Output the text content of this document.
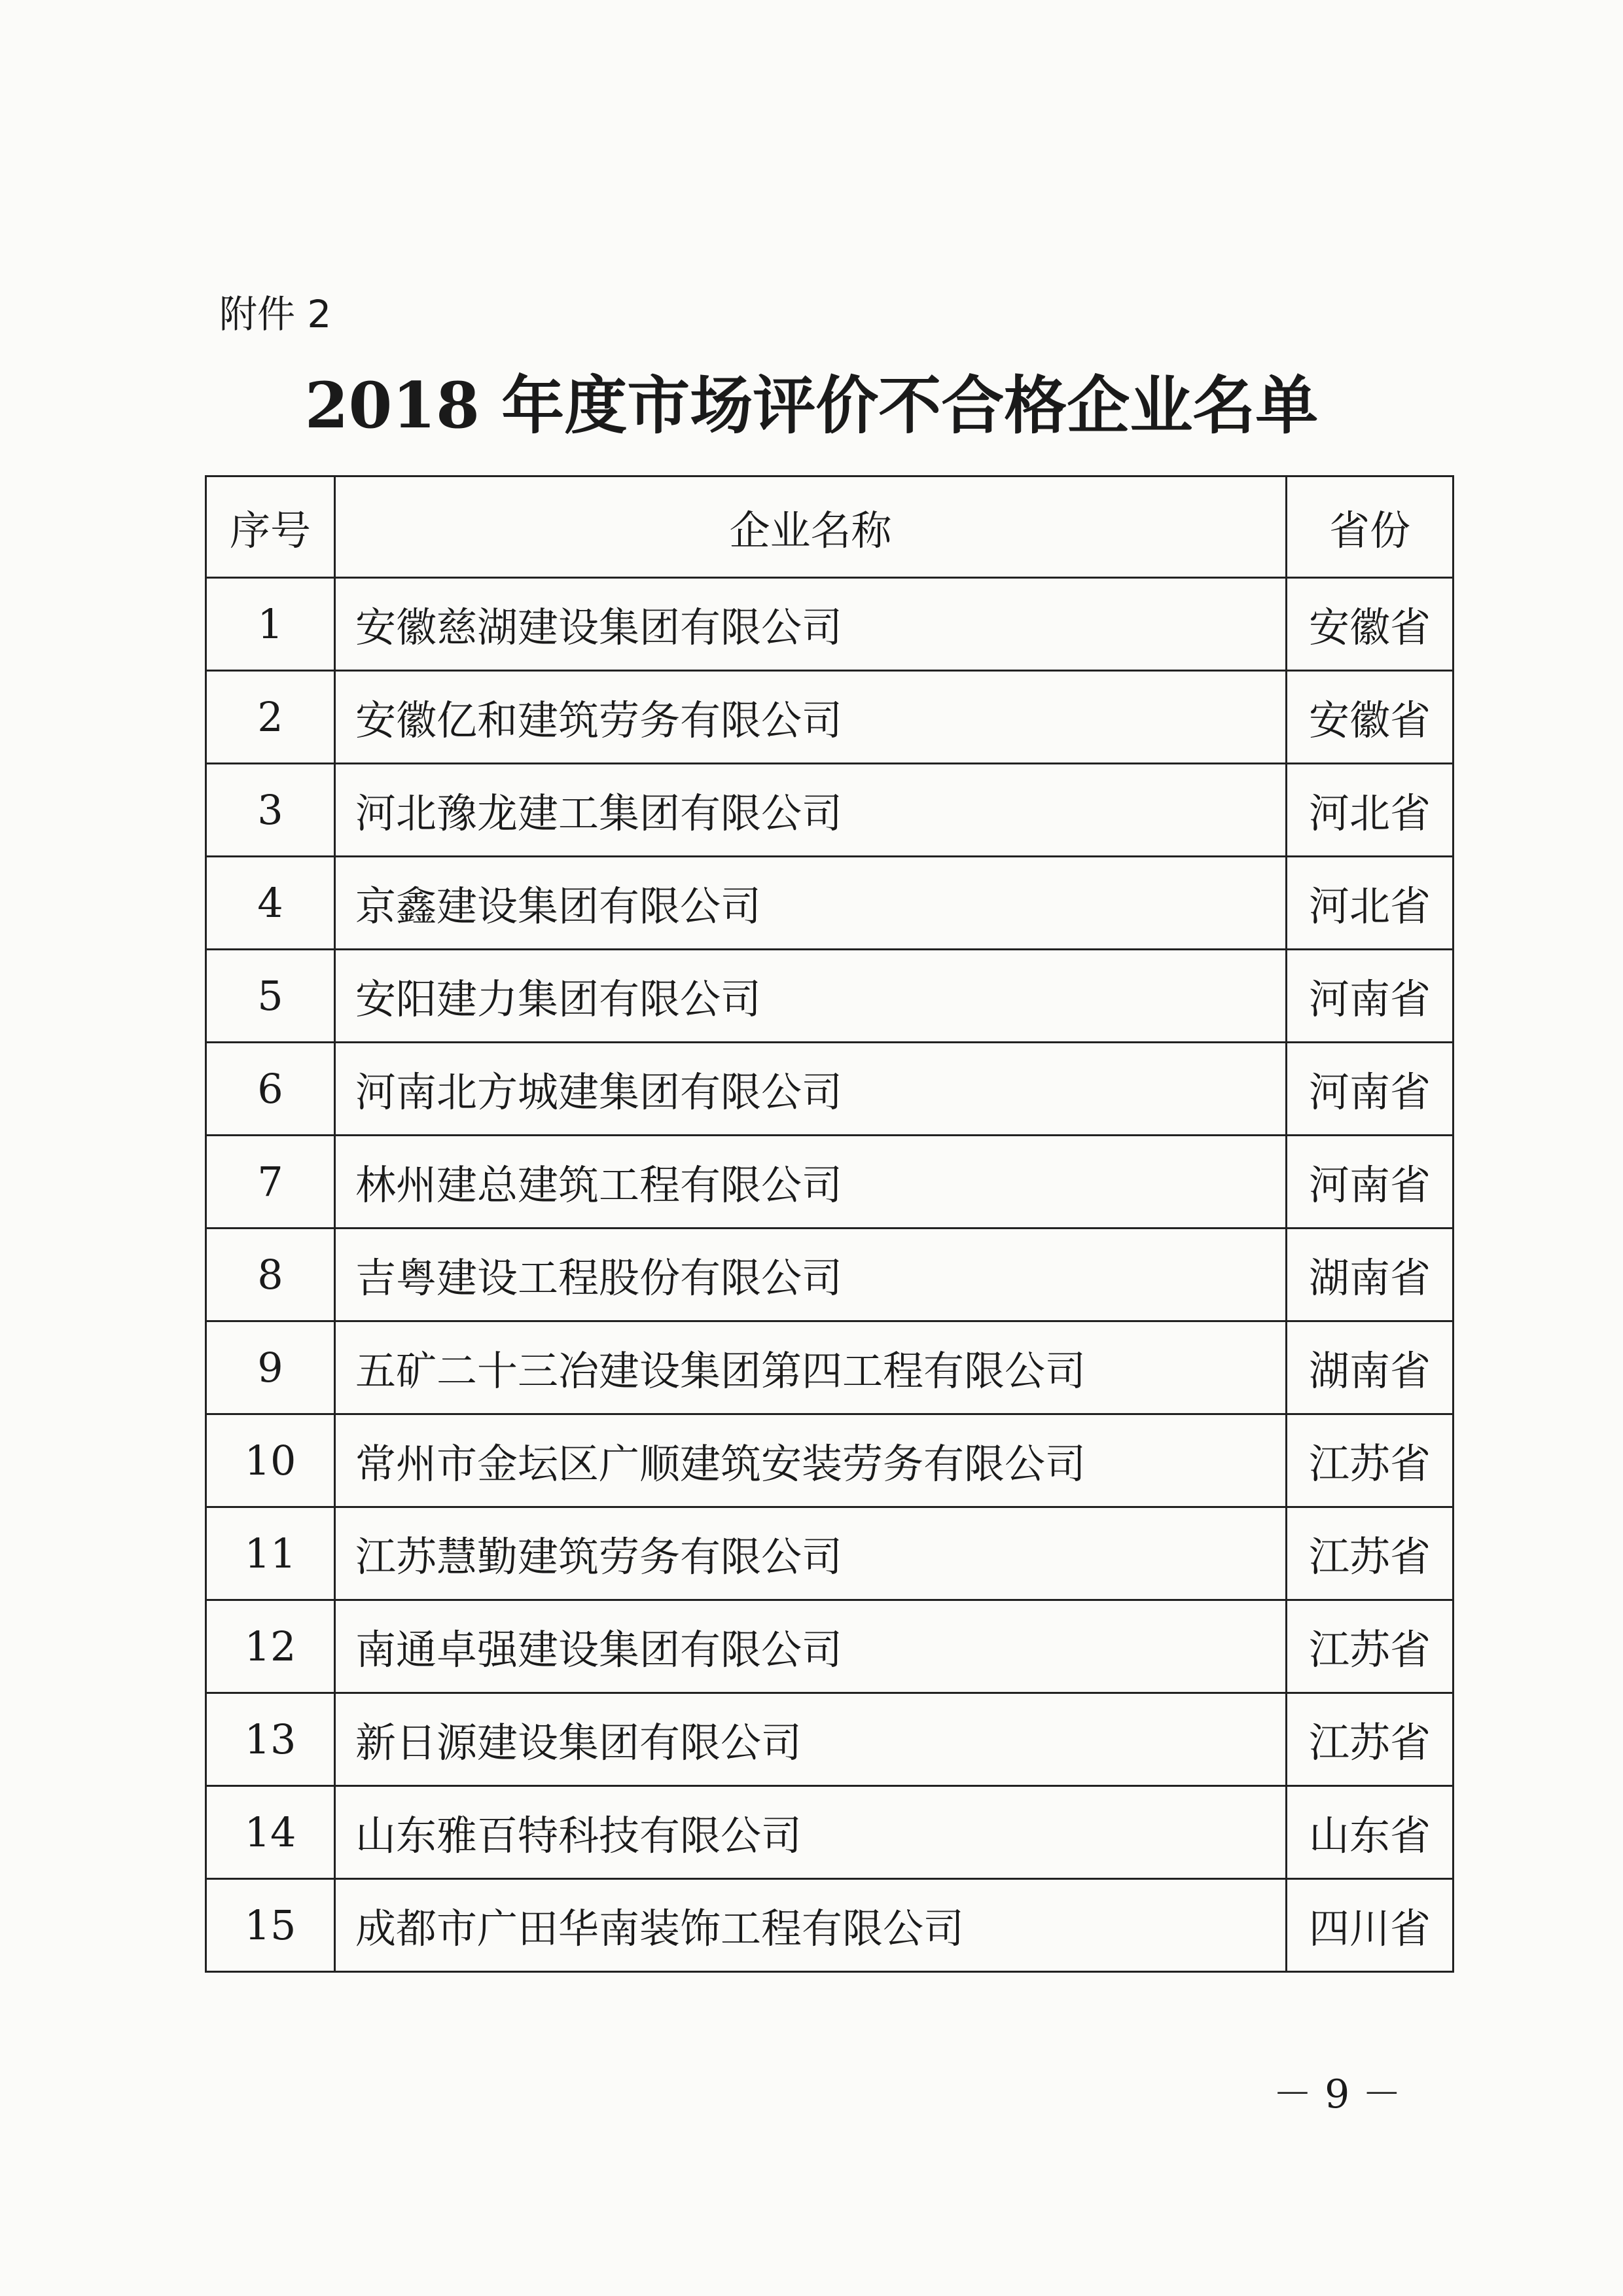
附件 2
2018 年度市场评价不合格企业名单
序号	企业名称	省份
1	安徽慈湖建设集团有限公司	安徽省
2	安徽亿和建筑劳务有限公司	安徽省
3	河北豫龙建工集团有限公司	河北省
4	京鑫建设集团有限公司	河北省
5	安阳建力集团有限公司	河南省
6	河南北方城建集团有限公司	河南省
7	林州建总建筑工程有限公司	河南省
8	吉粤建设工程股份有限公司	湖南省
9	五矿二十三冶建设集团第四工程有限公司	湖南省
10	常州市金坛区广顺建筑安装劳务有限公司	江苏省
11	江苏慧勤建筑劳务有限公司	江苏省
12	南通卓强建设集团有限公司	江苏省
13	新日源建设集团有限公司	江苏省
14	山东雅百特科技有限公司	山东省
15	成都市广田华南装饰工程有限公司	四川省
－ 9 －
